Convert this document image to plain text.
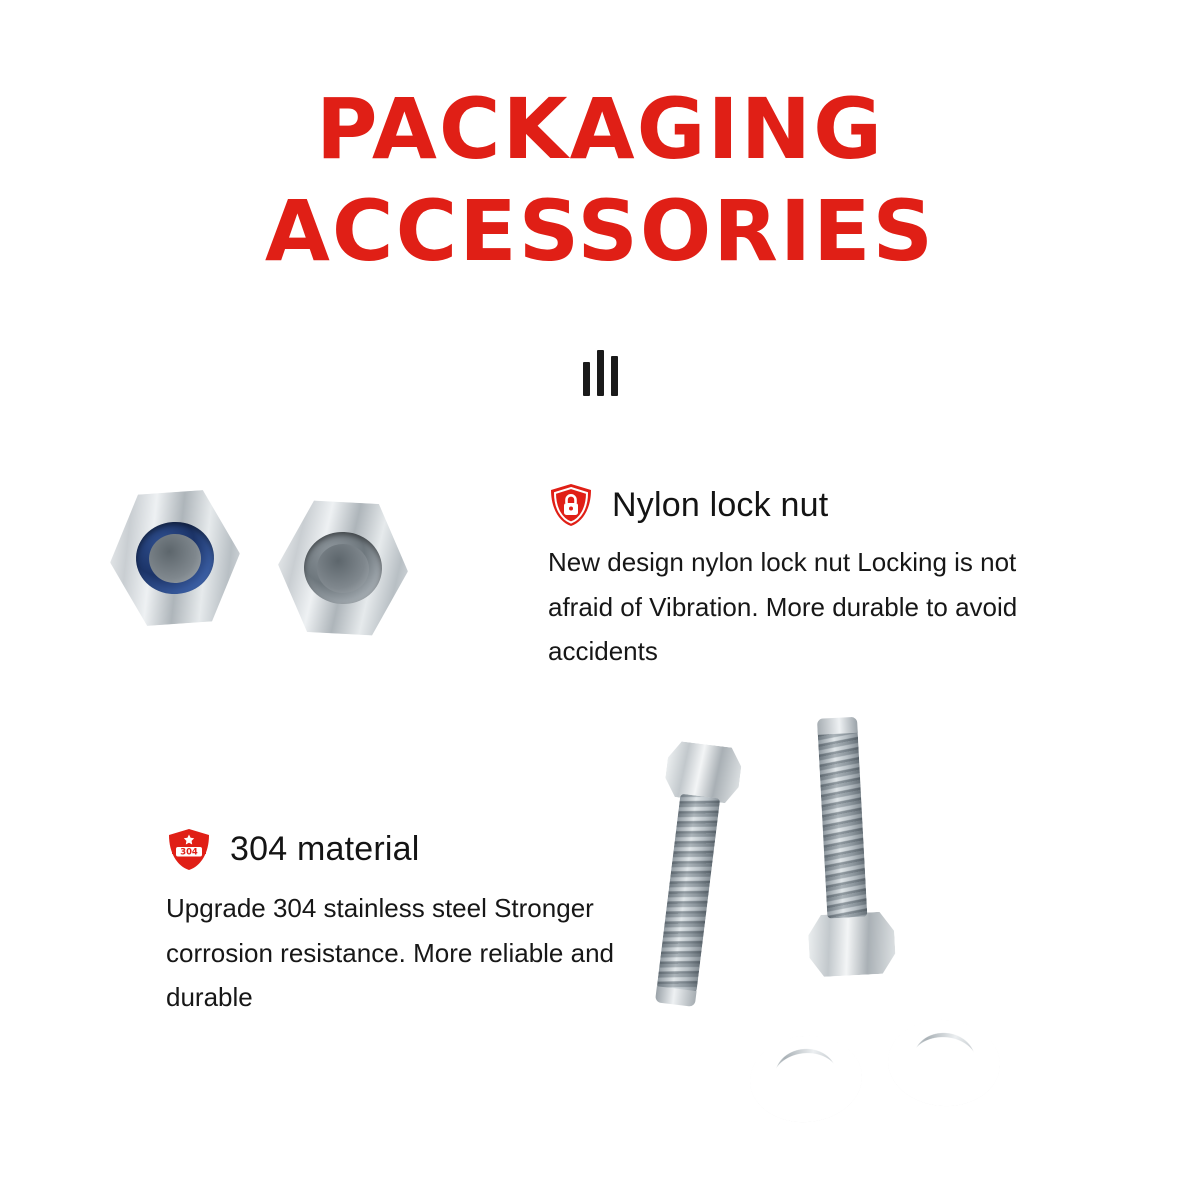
PACKAGING
ACCESSORIES
Nylon lock nut
New design nylon lock nut Locking is not afraid of Vibration. More durable to avoid accidents
304 304 material
Upgrade 304 stainless steel Stronger corrosion resistance. More reliable and durable
